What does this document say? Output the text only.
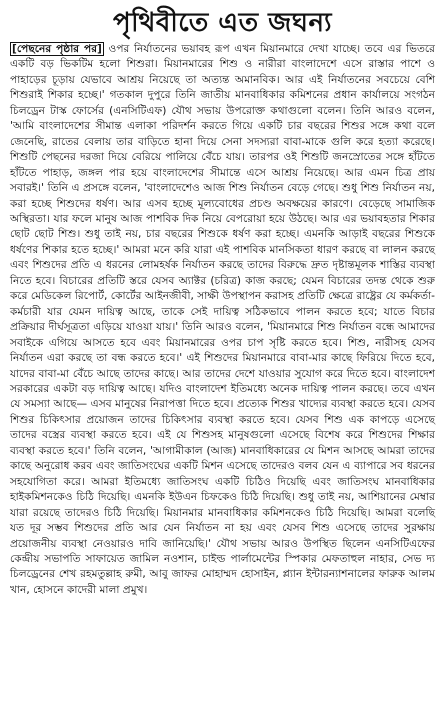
পৃথিবীতে এত জঘন্য

[পেছনের পৃষ্ঠার পর] ওপর নির্যাতনের ভয়াবহ রূপ এখন মিয়ানমারে দেখা যাচ্ছে। তবে এর ভিতরে একটি বড় ভিকটিম হলো শিশুরা। মিয়ানমারের শিশু ও নারীরা বাংলাদেশে এসে রাস্তার পাশে ও পাহাড়ের চূড়ায় যেভাবে আশ্রয় নিয়েছে তা অত্যন্ত অমানবিক। আর এই নির্যাতনের সবচেয়ে বেশি শিশুরাই শিকার হচ্ছে।' গতকাল দুপুরে তিনি জাতীয় মানবাধিকার কমিশনের প্রধান কার্যালয়ে সংগঠন চিলড্রেন টাস্ক ফোর্সের (এনসিটিএফ) যৌথ সভায় উপরোক্ত কথাগুলো বলেন। তিনি আরও বলেন, 'আমি বাংলাদেশের সীমান্ত এলাকা পরিদর্শন করতে গিয়ে একটি চার বছরের শিশুর সঙ্গে কথা বলে জেনেছি, রাতের বেলায় তার বাড়িতে হানা দিয়ে সেনা সদস্যরা বাবা-মাকে গুলি করে হত্যা করেছে। শিশুটি পেছনের দরজা দিয়ে বেরিয়ে পালিয়ে বেঁচে যায়। তারপর ওই শিশুটি জনস্রোতের সঙ্গে হাঁটতে হাঁটতে পাহাড়, জঙ্গল পার হয়ে বাংলাদেশের সীমান্তে এসে আশ্রয় নিয়েছে। আর এমন চিত্র প্রায় সবারই।' তিনি এ প্রসঙ্গে বলেন, 'বাংলাদেশেও আজ শিশু নির্যাতন বেড়ে গেছে। শুধু শিশু নির্যাতন নয়, করা হচ্ছে শিশুদের ধর্ষণ। আর এসব হচ্ছে মূল্যবোধের প্রচণ্ড অবক্ষয়ের কারণে। বেড়েছে সামাজিক অস্থিরতা। যার ফলে মানুষ আজ পাশবিক দিক নিয়ে বেপরোয়া হয়ে উঠছে। আর এর ভয়াবহতার শিকার ছোট ছোট শিশু। শুধু তাই নয়, চার বছরের শিশুকে ধর্ষণ করা হচ্ছে। এমনকি আড়াই বছরের শিশুকে ধর্ষণের শিকার হতে হচ্ছে।' আমরা মনে করি যারা এই পাশবিক মানসিকতা ধারণ করছে বা লালন করছে এবং শিশুদের প্রতি এ ধরনের লোমহর্ষক নির্যাতন করছে তাদের বিরুদ্ধে দ্রুত দৃষ্টান্তমূলক শাস্তির ব্যবস্থা নিতে হবে। বিচারের প্রতিটি স্তরে যেসব অ্যাক্টর (চরিত্র) কাজ করছে; যেমন বিচারের তদন্ত থেকে শুরু করে মেডিকেল রিপোর্ট, কোর্টের আইনজীবী, সাক্ষী উপস্থাপন করাসহ প্রতিটি ক্ষেত্রে রাষ্ট্রের যে কর্মকর্তা-কর্মচারী যার যেমন দায়িত্ব আছে, তাকে সেই দায়িত্ব সঠিকভাবে পালন করতে হবে; যাতে বিচার প্রক্রিয়ার দীর্ঘসূত্রতা এড়িয়ে যাওয়া যায়।' তিনি আরও বলেন, 'মিয়ানমারে শিশু নির্যাতন বন্ধে আমাদের সবাইকে এগিয়ে আসতে হবে এবং মিয়ানমারের ওপর চাপ সৃষ্টি করতে হবে। শিশু, নারীসহ যেসব নির্যাতন এরা করছে তা বন্ধ করতে হবে।' এই শিশুদের মিয়ানমারে বাবা-মার কাছে ফিরিয়ে দিতে হবে, যাদের বাবা-মা বেঁচে আছে তাদের কাছে। আর তাদের দেশে যাওয়ার সুযোগ করে দিতে হবে। বাংলাদেশ সরকারের একটা বড় দায়িত্ব আছে। যদিও বাংলাদেশ ইতিমধ্যে অনেক দায়িত্ব পালন করছে। তবে এখন যে সমস্যা আছে— এসব মানুষের নিরাপত্তা দিতে হবে। প্রত্যেক শিশুর খাদ্যের ব্যবস্থা করতে হবে। যেসব শিশুর চিকিৎসার প্রয়োজন তাদের চিকিৎসার ব্যবস্থা করতে হবে। যেসব শিশু এক কাপড়ে এসেছে তাদের বস্ত্রের ব্যবস্থা করতে হবে। এই যে শিশুসহ মানুষগুলো এসেছে বিশেষ করে শিশুদের শিক্ষার ব্যবস্থা করতে হবে।' তিনি বলেন, 'আগামীকাল (আজ) মানবাধিকারের যে মিশন আসছে আমরা তাদের কাছে অনুরোধ করব এবং জাতিসংঘের একটি মিশন এসেছে তাদেরও বলব যেন এ ব্যাপারে সব ধরনের সহযোগিতা করে। আমরা ইতিমধ্যে জাতিসংঘ একটি চিঠিও দিয়েছি এবং জাতিসংঘ মানবাধিকার হাইকমিশনকেও চিঠি দিয়েছি। এমনকি ইউএন চিফকেও চিঠি দিয়েছি। শুধু তাই নয়, আশিয়ানের মেম্বার যারা রয়েছে তাদেরও চিঠি দিয়েছি। মিয়ানমার মানবাধিকার কমিশনকেও চিঠি দিয়েছি। আমরা বলেছি যত দূর সম্ভব শিশুদের প্রতি আর যেন নির্যাতন না হয় এবং যেসব শিশু এসেছে তাদের সুরক্ষায় প্রয়োজনীয় ব্যবস্থা নেওয়ারও দাবি জানিয়েছি।' যৌথ সভায় আরও উপস্থিত ছিলেন এনসিটিএফের কেন্দ্রীয় সভাপতি সাফায়েত জামিল নওশান, চাইল্ড পার্লামেন্টের স্পিকার মেফতাহুল নাহার, সেভ দ্য চিলড্রেনের শেখ রহমতুল্লাহ রুমী, আবু জাফর মোহাম্মদ হোসাইন, প্ল্যান ইন্টারন্যাশনালের ফারুক আলম খান, হোসনে কাদেরী মালা প্রমুখ।
